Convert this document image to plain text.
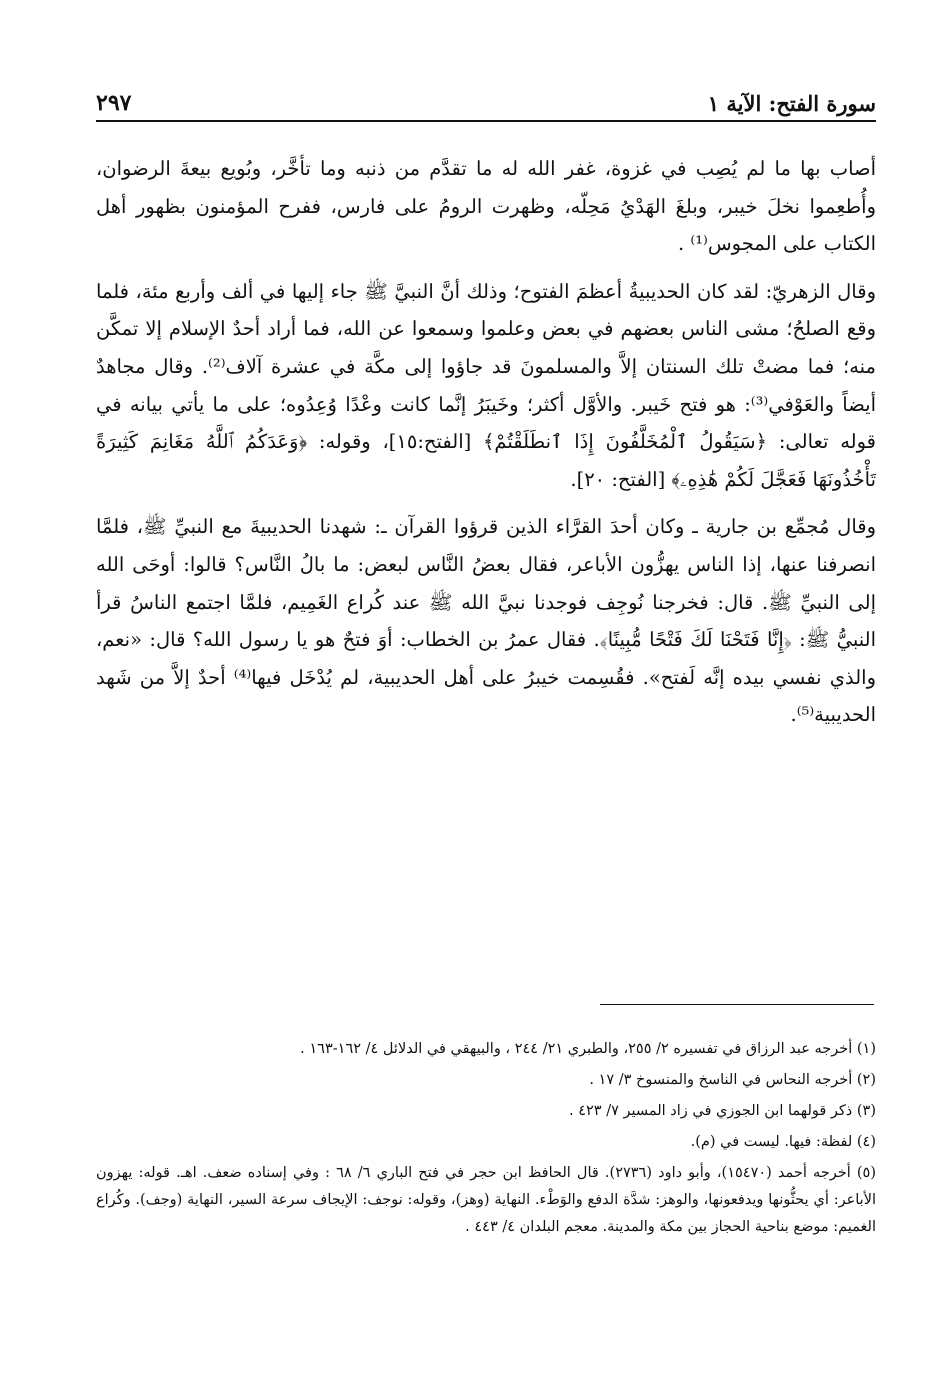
سورة الفتح: الآية ١
٢٩٧

أصاب بها ما لم يُصِب في غزوة، غفر الله له ما تقدَّم من ذنبه وما تأخَّر، وبُويع بيعةَ الرضوان، وأُطعِموا نخلَ خيبر، وبلغَ الهَدْيُ مَحِلّه، وظهرت الرومُ على فارس، ففرح المؤمنون بظهور أهل الكتاب على المجوس⁽¹⁾ .

وقال الزهريّ: لقد كان الحديبيةُ أعظمَ الفتوح؛ وذلك أنَّ النبيَّ ﷺ جاء إليها في ألف وأربع مئة، فلما وقع الصلحُ؛ مشى الناس بعضهم في بعض وعلموا وسمعوا عن الله، فما أراد أحدٌ الإسلام إلا تمكَّن منه؛ فما مضتْ تلك السنتان إلاَّ والمسلمونَ قد جاؤوا إلى مكَّة في عشرة آلاف⁽²⁾. وقال مجاهدٌ أيضاً والعَوْفي⁽³⁾: هو فتح خَيبر. والأوَّل أكثر؛ وخَيبَرُ إنَّما كانت وعْدًا وُعِدُوه؛ على ما يأتي بيانه في قوله تعالى: ﴿سَيَقُولُ ٱلْمُخَلَّفُونَ إِذَا ٱنطَلَقْتُمْ﴾ [الفتح:١٥]، وقوله: ﴿وَعَدَكُمُ ٱللَّهُ مَغَانِمَ كَثِيرَةً تَأْخُذُونَهَا فَعَجَّلَ لَكُمْ هَٰذِهِۦ﴾ [الفتح: ٢٠].

وقال مُجمِّع بن جارية ـ وكان أحدَ القرَّاء الذين قرؤوا القرآن ـ: شهدنا الحديبيةَ مع النبيِّ ﷺ، فلمَّا انصرفنا عنها، إذا الناس يهزُّون الأباعر، فقال بعضُ النَّاس لبعض: ما بالُ النَّاس؟ قالوا: أوحَى الله إلى النبيِّ ﷺ. قال: فخرجنا نُوجِف فوجدنا نبيَّ الله ﷺ عند كُراع الغَمِيم، فلمَّا اجتمع الناسُ قرأ النبيُّ ﷺ: ﴿إِنَّا فَتَحْنَا لَكَ فَتْحًا مُّبِينًا﴾. فقال عمرُ بن الخطاب: أوَ فتحٌ هو يا رسول الله؟ قال: «نعم، والذي نفسي بيده إنَّه لَفتح». فقُسِمت خيبرُ على أهل الحديبية، لم يُدْخَل فيها⁽⁴⁾ أحدٌ إلاَّ من شَهد الحديبية⁽⁵⁾.

(١) أخرجه عبد الرزاق في تفسيره ٢/ ٢٥٥، والطبري ٢١/ ٢٤٤ ، والبيهقي في الدلائل ٤/ ١٦٢-١٦٣ .

(٢) أخرجه النحاس في الناسخ والمنسوخ ٣/ ١٧ .

(٣) ذكر قولهما ابن الجوزي في زاد المسير ٧/ ٤٢٣ .

(٤) لفظة: فيها. ليست في (م).

(٥) أخرجه أحمد (١٥٤٧٠)، وأبو داود (٢٧٣٦). قال الحافظ ابن حجر في فتح الباري ٦/ ٦٨ : وفي إسناده ضعف. اهـ. قوله: يهزون الأباعر: أي يحثُّونها ويدفعونها، والوهز: شدَّة الدفع والوَطْء. النهاية (وهز)، وقوله: نوجف: الإيجاف سرعة السير، النهاية (وجف). وكُراع الغميم: موضع بناحية الحجاز بين مكة والمدينة. معجم البلدان ٤/ ٤٤٣ .
